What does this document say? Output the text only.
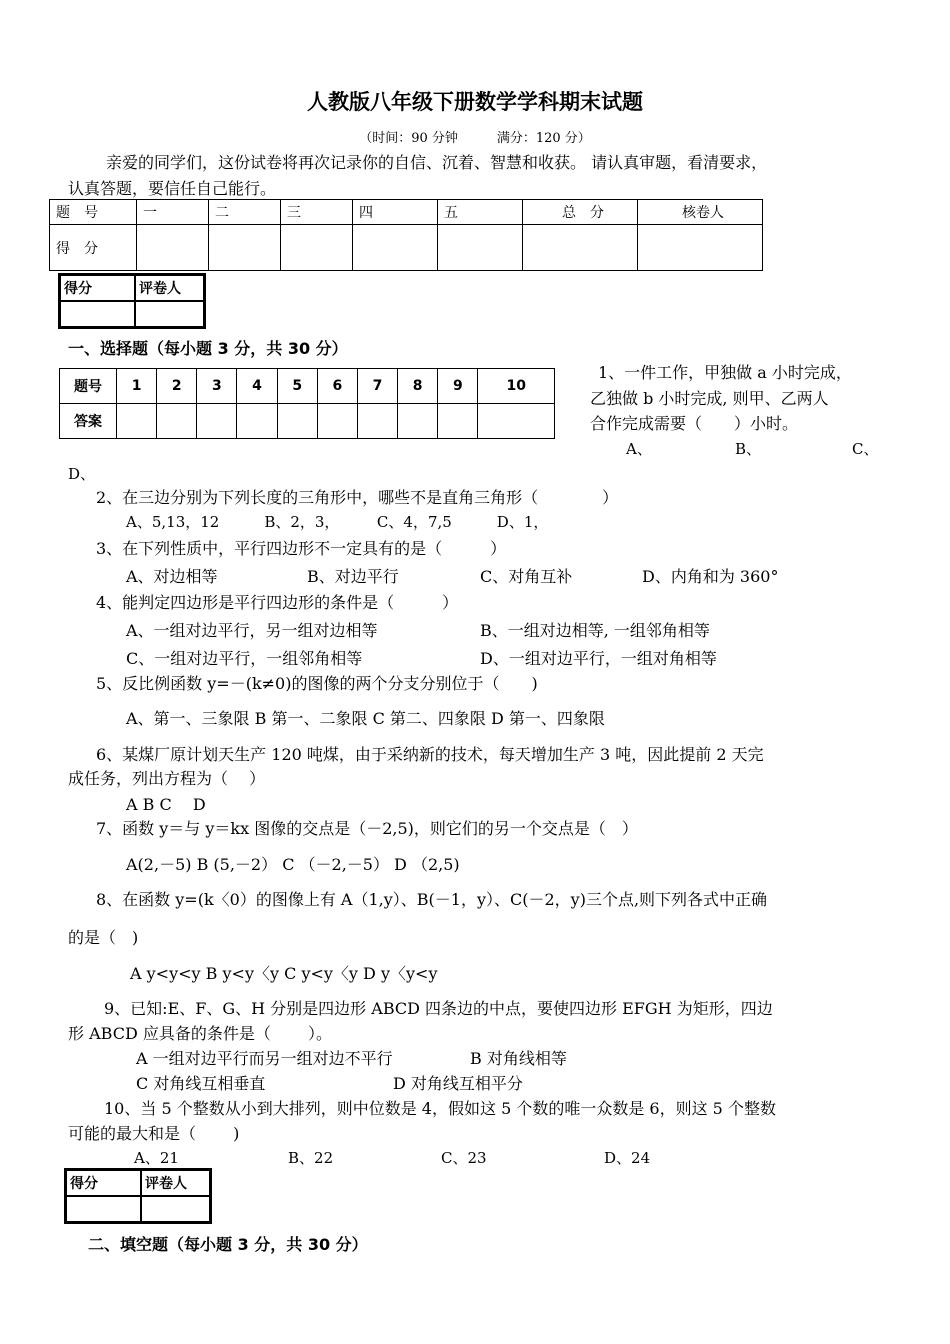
人教版八年级下册数学学科期末试题
（时间：90 分钟　　　满分：120 分）
亲爱的同学们，这份试卷将再次记录你的自信、沉着、智慧和收获。 请认真审题，看清要求，
认真答题，要信任自己能行。
题　号	一	二	三	四	五	总　分	核卷人
得　分							
得分	评卷人

一、选择题（每小题 3 分，共 30 分）
题号	1	2	3	4	5	6	7	8	9	10
答案										
1、一件工作，甲独做 a 小时完成，
乙独做 b 小时完成, 则甲、乙两人
合作完成需要（　　）小时。
A、	B、	C、
D、
2、在三边分别为下列长度的三角形中，哪些不是直角三角形（　　　　）
A、5,13，12　　　B、2，3，　　　C、4，7,5　　　D、1，
3、在下列性质中，平行四边形不一定具有的是（　　　）
A、对边相等	B、对边平行	C、对角互补	D、内角和为 360°
4、能判定四边形是平行四边形的条件是（　　　）
A、一组对边平行，另一组对边相等	B、一组对边相等, 一组邻角相等
C、一组对边平行，一组邻角相等	D、一组对边平行，一组对角相等
5、反比例函数 y=－(k≠0)的图像的两个分支分别位于（　　)
A、第一、三象限 B 第一、二象限 C 第二、四象限 D 第一、四象限
6、某煤厂原计划天生产 120 吨煤，由于采纳新的技术，每天增加生产 3 吨，因此提前 2 天完
成任务，列出方程为（　 ）
A B C　 D
7、函数 y＝与 y＝kx 图像的交点是（－2,5)，则它们的另一个交点是（　）
A(2,－5) B (5,－2） C （－2,－5） D （2,5)
8、在函数 y=(k〈0）的图像上有 A（1,y）、B(－1，y）、C(－2，y)三个点,则下列各式中正确
的是（　)
A y<y<y B y<y〈y C y<y〈y D y〈y<y
9、已知:E、F、G、H 分别是四边形 ABCD 四条边的中点，要使四边形 EFGH 为矩形，四边
形 ABCD 应具备的条件是（　　 ）。
A 一组对边平行而另一组对边不平行	B 对角线相等
C 对角线互相垂直	D 对角线互相平分
10、当 5 个整数从小到大排列，则中位数是 4，假如这 5 个数的唯一众数是 6，则这 5 个整数
可能的最大和是（　　 )
A、21	B、22	C、23	D、24
得分	评卷人

二、填空题（每小题 3 分，共 30 分）
